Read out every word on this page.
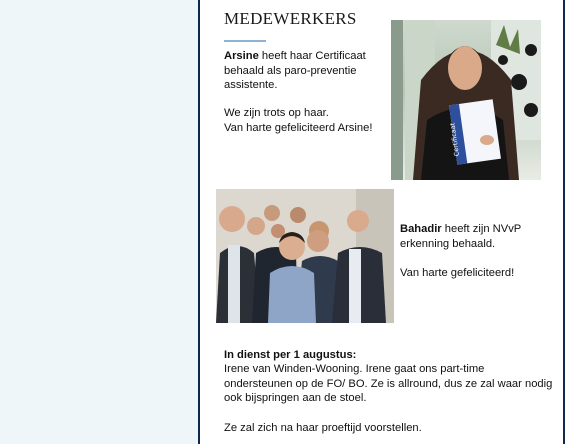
MEDEWERKERS
Arsine heeft haar Certificaat behaald als paro-preventie assistente.
We zijn trots op haar.
Van harte gefeliciteerd Arsine!	Certificaat
Bahadir heeft zijn NVvP erkenning behaald.
Van harte gefeliciteerd!
In dienst per 1 augustus:
Irene van Winden-Wooning. Irene gaat ons part-time ondersteunen op de FO/ BO. Ze is allround, dus ze zal waar nodig ook bijspringen aan de stoel.
Ze zal zich na haar proeftijd voorstellen.
